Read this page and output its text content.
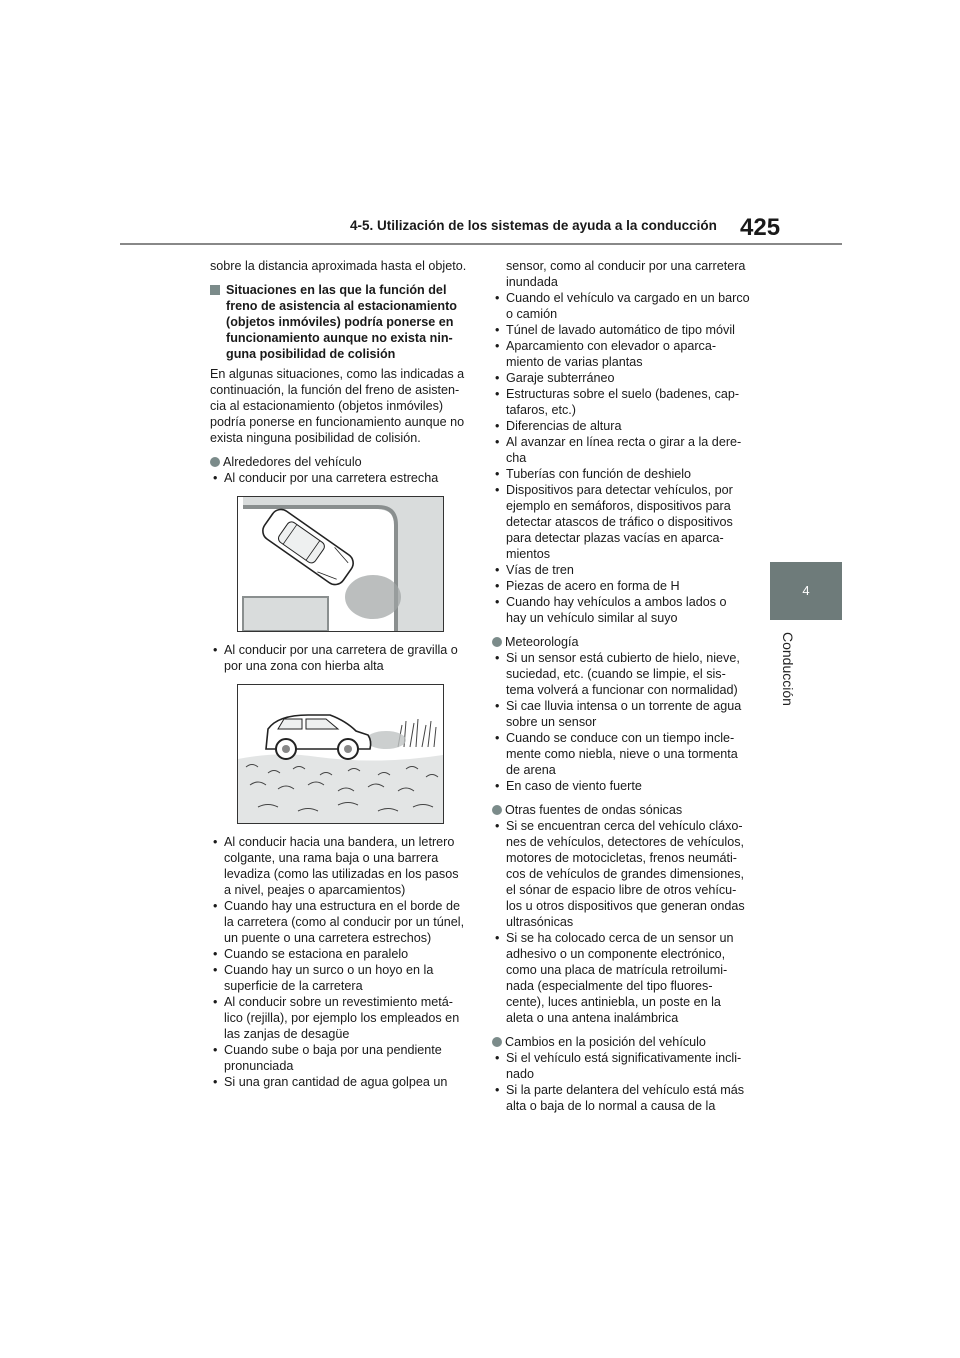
4-5. Utilización de los sistemas de ayuda a la conducción 425
4
Conducción

sobre la distancia aproximada hasta el objeto.

Situaciones en las que la función del freno de asistencia al estacionamiento (objetos inmóviles) podría ponerse en funcionamiento aunque no exista nin-guna posibilidad de colisión

En algunas situaciones, como las indicadas a continuación, la función del freno de asisten-cia al estacionamiento (objetos inmóviles) podría ponerse en funcionamiento aunque no exista ninguna posibilidad de colisión.

Alrededores del vehículo

• Al conducir por una carretera estrecha

• Al conducir por una carretera de gravilla o por una zona con hierba alta

• Al conducir hacia una bandera, un letrero colgante, una rama baja o una barrera levadiza (como las utilizadas en los pasos a nivel, peajes o aparcamientos)

• Cuando hay una estructura en el borde de la carretera (como al conducir por un túnel, un puente o una carretera estrechos)

• Cuando se estaciona en paralelo

• Cuando hay un surco o un hoyo en la superficie de la carretera

• Al conducir sobre un revestimiento metá-lico (rejilla), por ejemplo los empleados en las zanjas de desagüe

• Cuando sube o baja por una pendiente pronunciada

• Si una gran cantidad de agua golpea un

sensor, como al conducir por una carretera inundada

• Cuando el vehículo va cargado en un barco o camión

• Túnel de lavado automático de tipo móvil

• Aparcamiento con elevador o aparca-miento de varias plantas

• Garaje subterráneo

• Estructuras sobre el suelo (badenes, cap-tafaros, etc.)

• Diferencias de altura

• Al avanzar en línea recta o girar a la dere-cha

• Tuberías con función de deshielo

• Dispositivos para detectar vehículos, por ejemplo en semáforos, dispositivos para detectar atascos de tráfico o dispositivos para detectar plazas vacías en aparca-mientos

• Vías de tren

• Piezas de acero en forma de H

• Cuando hay vehículos a ambos lados o hay un vehículo similar al suyo

Meteorología

• Si un sensor está cubierto de hielo, nieve, suciedad, etc. (cuando se limpie, el sis-tema volverá a funcionar con normalidad)

• Si cae lluvia intensa o un torrente de agua sobre un sensor

• Cuando se conduce con un tiempo incle-mente como niebla, nieve o una tormenta de arena

• En caso de viento fuerte

Otras fuentes de ondas sónicas

• Si se encuentran cerca del vehículo cláxo-nes de vehículos, detectores de vehículos, motores de motocicletas, frenos neumáti-cos de vehículos de grandes dimensiones, el sónar de espacio libre de otros vehícu-los u otros dispositivos que generan ondas ultrasónicas

• Si se ha colocado cerca de un sensor un adhesivo o un componente electrónico, como una placa de matrícula retroilumi-nada (especialmente del tipo fluores-cente), luces antiniebla, un poste en la aleta o una antena inalámbrica

Cambios en la posición del vehículo

• Si el vehículo está significativamente incli-nado

• Si la parte delantera del vehículo está más alta o baja de lo normal a causa de la
